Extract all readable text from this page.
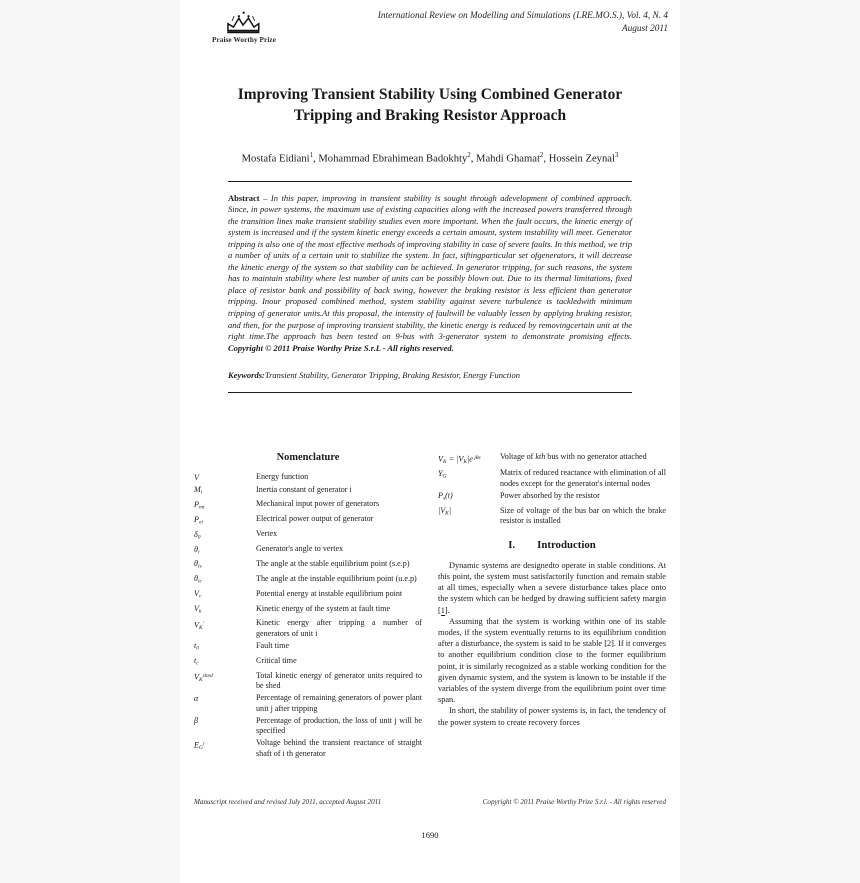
Praise Worthy Prize
International Review on Modelling and Simulations (I.RE.MO.S.), Vol. 4, N. 4
August 2011
Improving Transient Stability Using Combined Generator Tripping and Braking Resistor Approach
Mostafa Eidiani$^1$, Mohammad Ebrahimean Badokhty$^2$, Mahdi Ghamat$^2$, Hossein Zeynal$^3$
Abstract – In this paper, improving in transient stability is sought through adevelopment of combined approach. Since, in power systems, the maximum use of existing capacities along with the increased powers transferred through the transition lines make transient stability studies even more important. When the fault occurs, the kinetic energy of system is increased and if the system kinetic energy exceeds a certain amount, system instability will meet. Generator tripping is also one of the most effective methods of improving stability in case of severe faults. In this method, we trip a number of units of a certain unit to stabilize the system. In fact, siftingparticular set ofgenerators, it will decrease the kinetic energy of the system so that stability can be achieved. In generator tripping, for such reasons, the system has to maintain stability where lest number of units can be possibly blown out. Due to its thermal limitations, fixed place of resistor bank and possibility of back swing, however the braking resistor is less efficient than generator tripping. Inour proposed combined method, system stability against severe turbulence is tackledwith minimum tripping of generator units.At this proposal, the intensity of faultwill be valuably lessen by applying braking resistor, and then, for the purpose of improving transient stability, the kinetic energy is reduced by removingcertain unit at the right time.The approach has been tested on 9-bus with 3-generator system to demonstrate promising effects. Copyright © 2011 Praise Worthy Prize S.r.L - All rights reserved.
Keywords:Transient Stability, Generator Tripping, Braking Resistor, Energy Function
Nomenclature
V	Energy function
$M_i$	Inertia constant of generator i
$P_{mi}$	Mechanical input power of generators
$P_{ei}$	Electrical power output of generator
$\delta_0$	Vertex
$\theta_i$	Generator's angle to vertex
$\theta_{is}$	The angle at the stable equilibrium point (s.e.p)
$\theta_{ic}$	The angle at the instable equilibrium point (u.e.p)
$V_c$	Potential energy at instable equilibrium point
$V_k$	Kinetic energy of the system at fault time
$V_K'$	Kinetic energy after tripping a number of generators of unit i
$t_0$	Fault time
$t_c$	Critical time
$V_K^{shed}$	Total kinetic energy of generator units required to be shed
α	Percentage of remaining generators of power plant unit j after tripping
β	Percentage of production, the loss of unit j will be specified
$E_G^i$	Voltage behind the transient reactance of straight shaft of i th generator
$V_K = |V_K|e$ $^{j\theta x}$	Voltage of kth bus with no generator attached
$Y_G$	Matrix of reduced reactance with elimination of all nodes except for the generator's internal nodes
$P_s(t)$	Power absorbed by the resistor
$|V_K|$	Size of voltage of the bus bar on which the brake resistor is installed
I. Introduction

Dynamic systems are designedto operate in stable conditions. At this point, the system must satisfactorily function and remain stable at all times, especially when a severe disturbance takes place onto the system which can be hedged by drawing sufficient safety margin [1].

Assuming that the system is working within one of its stable modes, if the system eventually returns to its equilibrium condition after a disturbance, the system is said to be stable [2]. If it converges to another equilibrium condition close to the former equilibrium point, it is similarly recognized as a stable working condition for the given dynamic system, and the system is known to be instable if the variables of the system diverge from the equilibrium point over time span.

In short, the stability of power systems is, in fact, the tendency of the power system to create recovery forces

Manuscript received and revised July 2011, accepted August 2011	Copyright © 2011 Praise Worthy Prize S.r.l. - All rights reserved
1690
